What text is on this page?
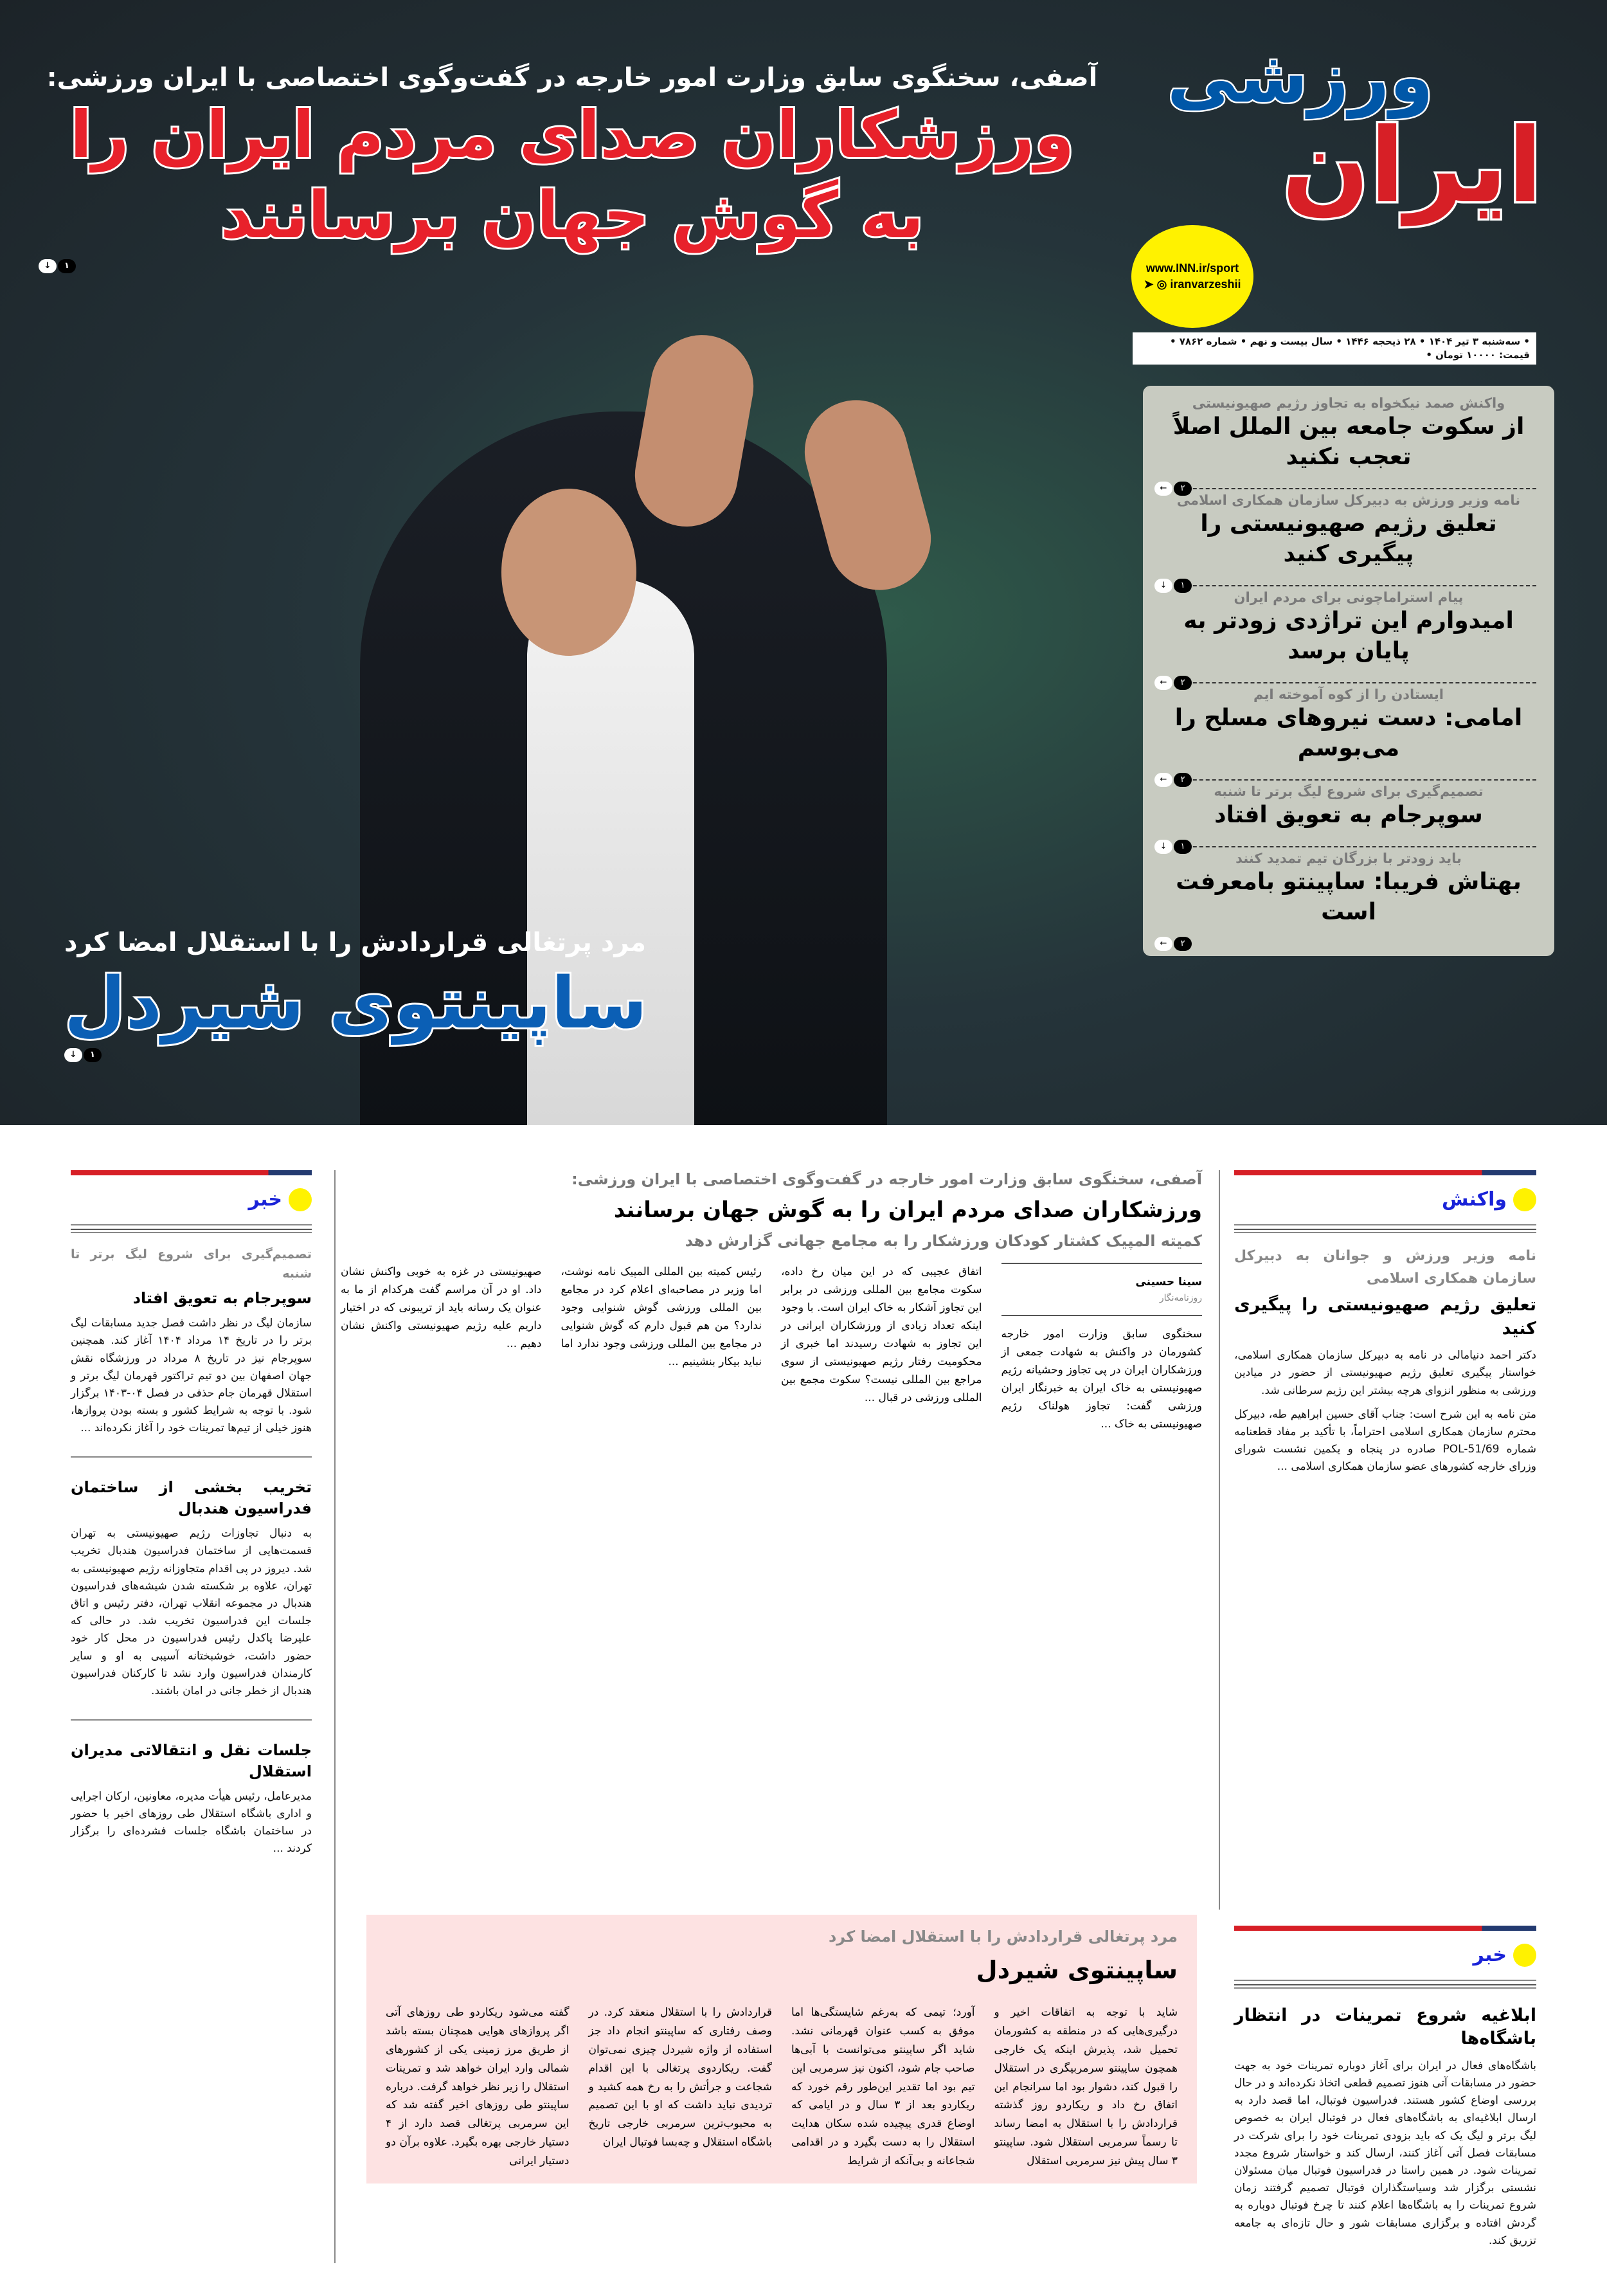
آصفی، سخنگوی سابق وزارت امور خارجه در گفت‌وگوی اختصاصی با ایران ورزشی:
ورزشکاران صدای مردم ایران را
به گوش جهان برسانند
↓	۱
مرد پرتغالی قراردادش را با استقلال امضا کرد
ساپینتوی شیردل
↓	۱
ورزشی
ایران
www.INN.ir/sport
➤ ◎ iranvarzeshii
• سه‌شنبه ۳ تیر ۱۴۰۴ • ۲۸ ذیحجه ۱۴۴۶ • سال بیست و نهم • شماره ۷۸۶۲ • قیمت: ۱۰۰۰۰ تومان •
واکنش صمد نیکخواه به تجاوز رژیم صهیونیستی
از سکوت جامعه بین الملل اصلاً تعجب نکنید
←	۲
نامه وزیر ورزش به دبیرکل سازمان همکاری اسلامی
تعلیق رژیم صهیونیستی را پیگیری کنید
↓	۱
پیام استراماچونی برای مردم ایران
امیدوارم این تراژدی زودتر به پایان برسد
←	۲
ایستادن را از کوه آموخته ایم
امامی: دست نیروهای مسلح را می‌بوسم
←	۲
تصمیم‌گیری برای شروع لیگ برتر تا شنبه
سوپرجام به تعویق افتاد
↓	۱
باید زودتر با بزرگان تیم تمدید کنند
بهتاش فریبا: ساپینتو بامعرفت است
←	۲
واکنش
نامه وزیر ورزش و جوانان به دبیرکل سازمان همکاری اسلامی
تعلیق رژیم صهیونیستی را پیگیری کنید

دکتر احمد دنیامالی در نامه به دبیرکل سازمان همکاری اسلامی، خواستار پیگیری تعلیق رژیم صهیونیستی از حضور در میادین ورزشی به منظور انزوای هرچه بیشتر این رژیم سرطانی شد.

متن نامه به این شرح است: جناب آقای حسین ابراهیم طه، دبیرکل محترم سازمان همکاری اسلامی احتراماً، با تأکید بر مفاد قطعنامه شماره POL-51/69 صادره در پنجاه و یکمین نشست شورای وزرای خارجه کشورهای عضو سازمان همکاری اسلامی ...

خبر
ابلاغیه شروع تمرینات در انتظار باشگاه‌ها

باشگاه‌های فعال در ایران برای آغاز دوباره تمرینات خود به جهت حضور در مسابقات آتی هنوز تصمیم قطعی اتخاذ نکرده‌اند و در حال بررسی اوضاع کشور هستند. فدراسیون فوتبال، اما قصد دارد به ارسال ابلاغیه‌ای به باشگاه‌های فعال در فوتبال ایران به خصوص لیگ برتر و لیگ یک که باید بزودی تمرینات خود را برای شرکت در مسابقات فصل آتی آغاز کنند، ارسال کند و خواستار شروع مجدد تمرینات شود. در همین راستا در فدراسیون فوتبال میان مسئولان نشستی برگزار شد وسیاستگذاران فوتبال تصمیم گرفتند زمان شروع تمرینات را به باشگاه‌ها اعلام کنند تا چرخ فوتبال دوباره به گردش افتاده و برگزاری مسابقات شور و حال تازه‌ای به جامعه تزریق کند.

آصفی، سخنگوی سابق وزارت امور خارجه در گفت‌وگوی اختصاصی با ایران ورزشی:
ورزشکاران صدای مردم ایران را به گوش جهان برسانند
کمیته المپیک کشتار کودکان ورزشکار را به مجامع جهانی گزارش دهد
سینا حسینی
روزنامه‌نگار

سخنگوی سابق وزارت امور خارجه کشورمان در واکنش به شهادت جمعی از ورزشکاران ایران در پی تجاوز وحشیانه رژیم صهیونیستی به خاک ایران به خبرنگار ایران ورزشی گفت: تجاوز هولناک رژیم صهیونیستی به خاک ...

اتفاق عجیبی که در این میان رخ داده، سکوت مجامع بین المللی ورزشی در برابر این تجاوز آشکار به خاک ایران است. با وجود اینکه تعداد زیادی از ورزشکاران ایرانی در این تجاوز به شهادت رسیدند اما خبری از محکومیت رفتار رژیم صهیونیستی از سوی مراجع بین المللی نیست؟ سکوت مجمع بین المللی ورزشی در قبال ...

رئیس کمیته بین المللی المپیک نامه نوشت، اما وزیر در مصاحبه‌ای اعلام کرد در مجامع بین المللی ورزشی گوش شنوایی وجود ندارد؟ من هم قبول دارم که گوش شنوایی در مجامع بین المللی ورزشی وجود ندارد اما نباید بیکار بنشینیم ...

صهیونیستی در غزه به خوبی واکنش نشان داد. او در آن مراسم گفت هرکدام از ما به عنوان یک رسانه باید از تریبونی که در اختیار داریم علیه رژیم صهیونیستی واکنش نشان دهیم ...

خبر
تصمیم‌گیری برای شروع لیگ برتر تا شنبه
سوپرجام به تعویق افتاد

سازمان لیگ در نظر داشت فصل جدید مسابقات لیگ برتر را در تاریخ ۱۴ مرداد ۱۴۰۴ آغاز کند. همچنین سوپرجام نیز در تاریخ ۸ مرداد در ورزشگاه نقش جهان اصفهان بین دو تیم تراکتور قهرمان لیگ برتر و استقلال قهرمان جام حذفی در فصل ۰۴-۱۴۰۳ برگزار شود. با توجه به شرایط کشور و بسته بودن پروازها، هنوز خیلی از تیم‌ها تمرینات خود را آغاز نکرده‌اند ...

تخریب بخشی از ساختمان فدراسیون هندبال

به دنبال تجاوزات رژیم صهیونیستی به تهران قسمت‌هایی از ساختمان فدراسیون هندبال تخریب شد. دیروز در پی اقدام متجاوزانه رژیم صهیونیستی به تهران، علاوه بر شکسته شدن شیشه‌های فدراسیون هندبال در مجموعه انقلاب تهران، دفتر رئیس و اتاق جلسات این فدراسیون تخریب شد. در حالی که علیرضا پاکدل رئیس فدراسیون در محل کار خود حضور داشت، خوشبختانه آسیبی به او و سایر کارمندان فدراسیون وارد نشد تا کارکنان فدراسیون هندبال از خطر جانی در امان باشند.

جلسات نقل و انتقالاتی مدیران استقلال

مدیرعامل، رئیس هیأت مدیره، معاونین، ارکان اجرایی و اداری باشگاه استقلال طی روزهای اخیر با حضور در ساختمان باشگاه جلسات فشرده‌ای را برگزار کردند ...

مرد پرتغالی قراردادش را با استقلال امضا کرد
ساپینتوی شیردل

شاید با توجه به اتفاقات اخیر و درگیری‌هایی که در منطقه به کشورمان تحمیل شد، پذیرش اینکه یک خارجی همچون ساپینتو سرمربیگری در استقلال را قبول کند، دشوار بود اما سرانجام این اتفاق رخ داد و ریکاردو روز گذشته قراردادش را با استقلال به امضا رساند تا رسماً سرمربی استقلال شود. ساپینتو ۳ سال پیش نیز سرمربی استقلال

آورد؛ تیمی که به‌رغم شایستگی‌ها اما موفق به کسب عنوان قهرمانی نشد. شاید اگر ساپینتو می‌توانست با آبی‌ها صاحب جام شود، اکنون نیز سرمربی این تیم بود اما تقدیر این‌طور رقم خورد که ریکاردو بعد از ۳ سال و در ایامی که اوضاع قدری پیچیده شده سکان هدایت استقلال را به دست بگیرد و در اقدامی شجاعانه و بی‌آنکه از شرایط

قراردادش را با استقلال منعقد کرد. در وصف رفتاری که ساپینتو انجام داد جز استفاده از واژه شیردل چیزی نمی‌توان گفت. ریکاردوی پرتغالی با این اقدام شجاعت و جرأتش را به رخ همه کشید و تردیدی نباید داشت که او با این تصمیم به محبوب‌ترین سرمربی خارجی تاریخ باشگاه استقلال و چه‌بسا فوتبال ایران

گفته می‌شود ریکاردو طی روزهای آتی اگر پروازهای هوایی همچنان بسته باشد از طریق مرز زمینی یکی از کشورهای شمالی وارد ایران خواهد شد و تمرینات استقلال را زیر نظر خواهد گرفت. درباره ساپینتو طی روزهای اخیر گفته شد که این سرمربی پرتغالی قصد دارد از ۴ دستیار خارجی بهره بگیرد. علاوه برآن دو دستیار ایرانی
